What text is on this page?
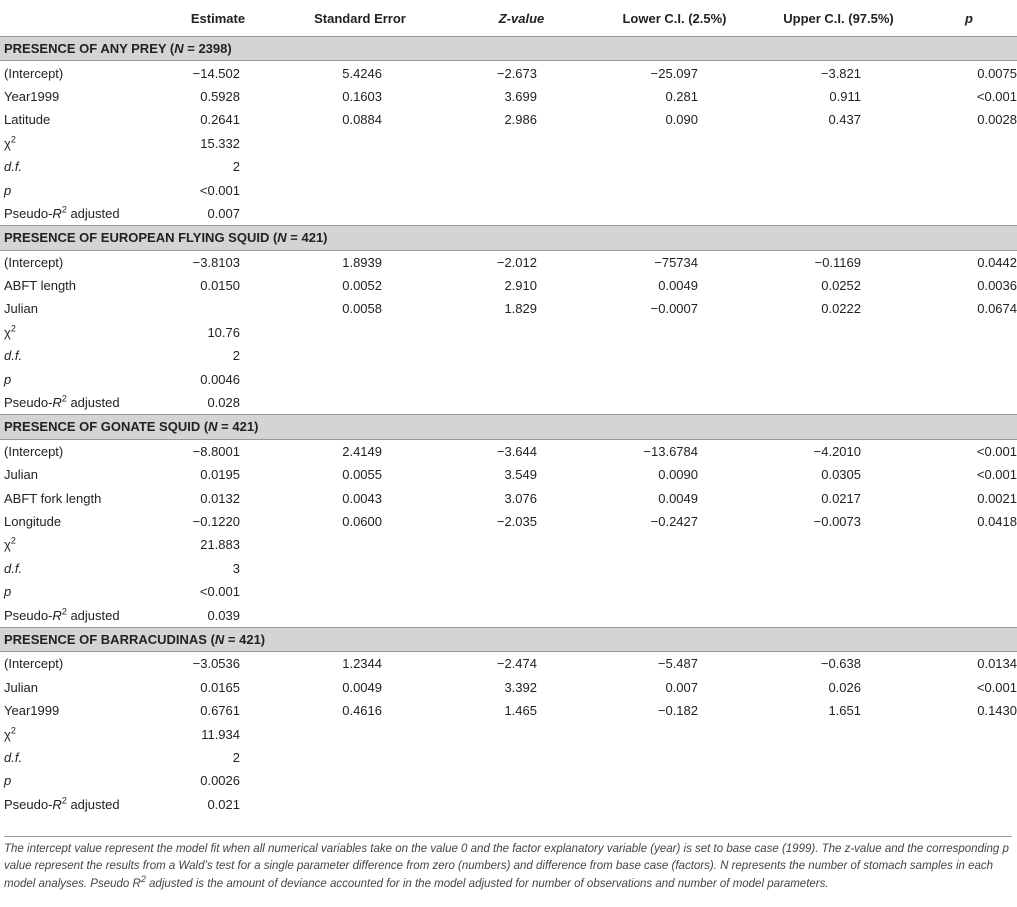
	Estimate	Standard Error	Z-value	Lower C.I. (2.5%)	Upper C.I. (97.5%)	p
PRESENCE OF ANY PREY (N = 2398)						
(Intercept)	−14.502	5.4246	−2.673	−25.097	−3.821	0.0075
Year1999	0.5928	0.1603	3.699	0.281	0.911	<0.001
Latitude	0.2641	0.0884	2.986	0.090	0.437	0.0028
$\chi^2$	15.332					
d.f.	2					
p	<0.001					
Pseudo-$R^2$ adjusted	0.007					
PRESENCE OF EUROPEAN FLYING SQUID (N = 421)						
(Intercept)	−3.8103	1.8939	−2.012	−75734	−0.1169	0.0442
ABFT length	0.0150	0.0052	2.910	0.0049	0.0252	0.0036
Julian		0.0058	1.829	−0.0007	0.0222	0.0674
$\chi^2$	10.76					
d.f.	2					
p	0.0046					
Pseudo-$R^2$ adjusted	0.028					
PRESENCE OF GONATE SQUID (N = 421)						
(Intercept)	−8.8001	2.4149	−3.644	−13.6784	−4.2010	<0.001
Julian	0.0195	0.0055	3.549	0.0090	0.0305	<0.001
ABFT fork length	0.0132	0.0043	3.076	0.0049	0.0217	0.0021
Longitude	−0.1220	0.0600	−2.035	−0.2427	−0.0073	0.0418
$\chi^2$	21.883					
d.f.	3					
p	<0.001					
Pseudo-$R^2$ adjusted	0.039					
PRESENCE OF BARRACUDINAS (N = 421)						
(Intercept)	−3.0536	1.2344	−2.474	−5.487	−0.638	0.0134
Julian	0.0165	0.0049	3.392	0.007	0.026	<0.001
Year1999	0.6761	0.4616	1.465	−0.182	1.651	0.1430
$\chi^2$	11.934					
d.f.	2					
p	0.0026					
Pseudo-$R^2$ adjusted	0.021					
The intercept value represent the model fit when all numerical variables take on the value 0 and the factor explanatory variable (year) is set to base case (1999). The z-value and the corresponding p value represent the results from a Wald’s test for a single parameter difference from zero (numbers) and difference from base case (factors). N represents the number of stomach samples in each model analyses. Pseudo $R^2$ adjusted is the amount of deviance accounted for in the model adjusted for number of observations and number of model parameters.
